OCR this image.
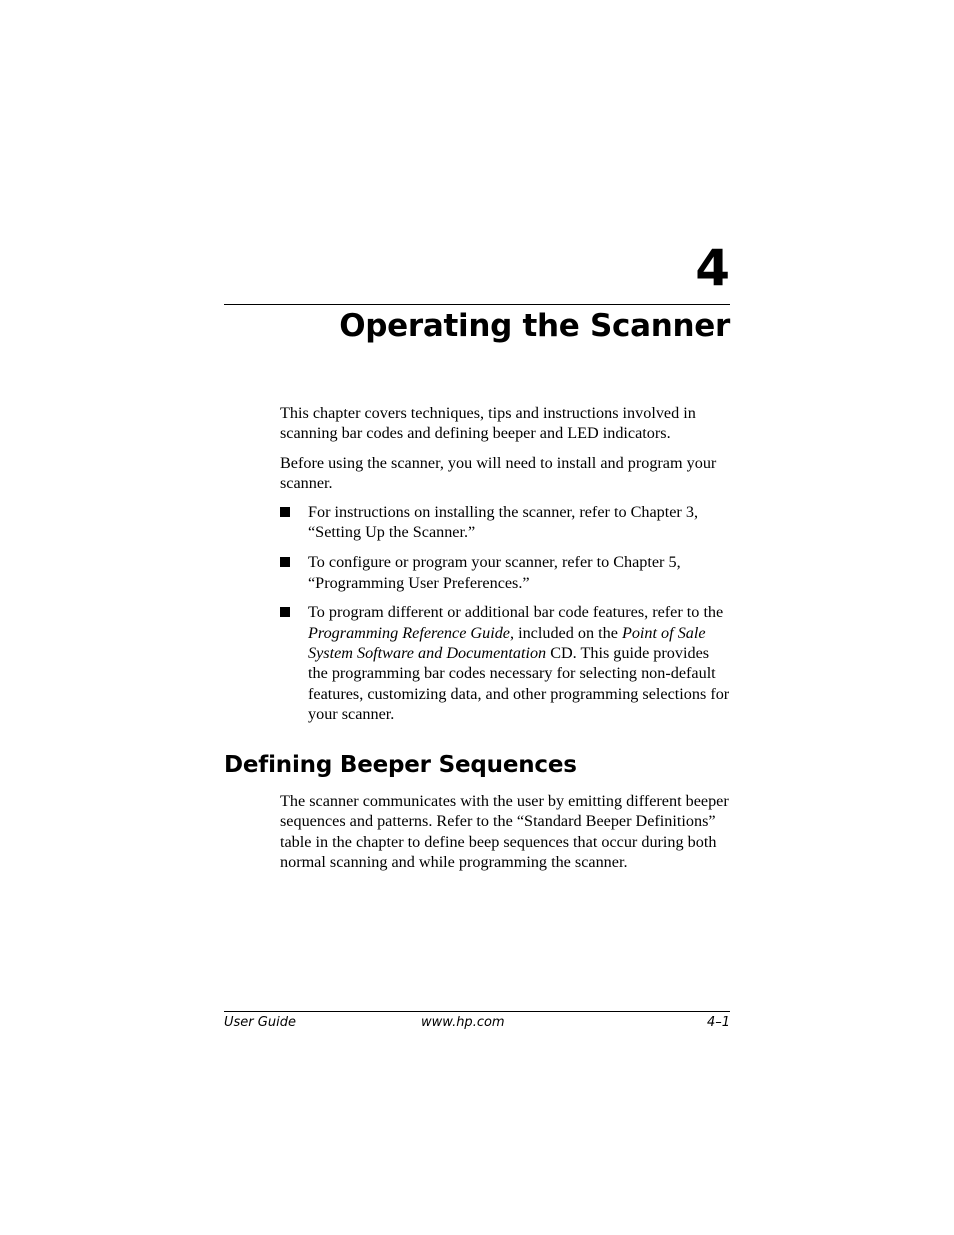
4
Operating the Scanner

This chapter covers techniques, tips and instructions involved in scanning bar codes and defining beeper and LED indicators.

Before using the scanner, you will need to install and program your scanner.

For instructions on installing the scanner, refer to Chapter 3, “Setting Up the Scanner.”
To configure or program your scanner, refer to Chapter 5, “Programming User Preferences.”
To program different or additional bar code features, refer to the Programming Reference Guide, included on the Point of Sale System Software and Documentation CD. This guide provides the programming bar codes necessary for selecting non-default features, customizing data, and other programming selections for your scanner.
Defining Beeper Sequences

The scanner communicates with the user by emitting different beeper sequences and patterns. Refer to the “Standard Beeper Definitions” table in the chapter to define beep sequences that occur during both normal scanning and while programming the scanner.

User Guide	www.hp.com	4–1
